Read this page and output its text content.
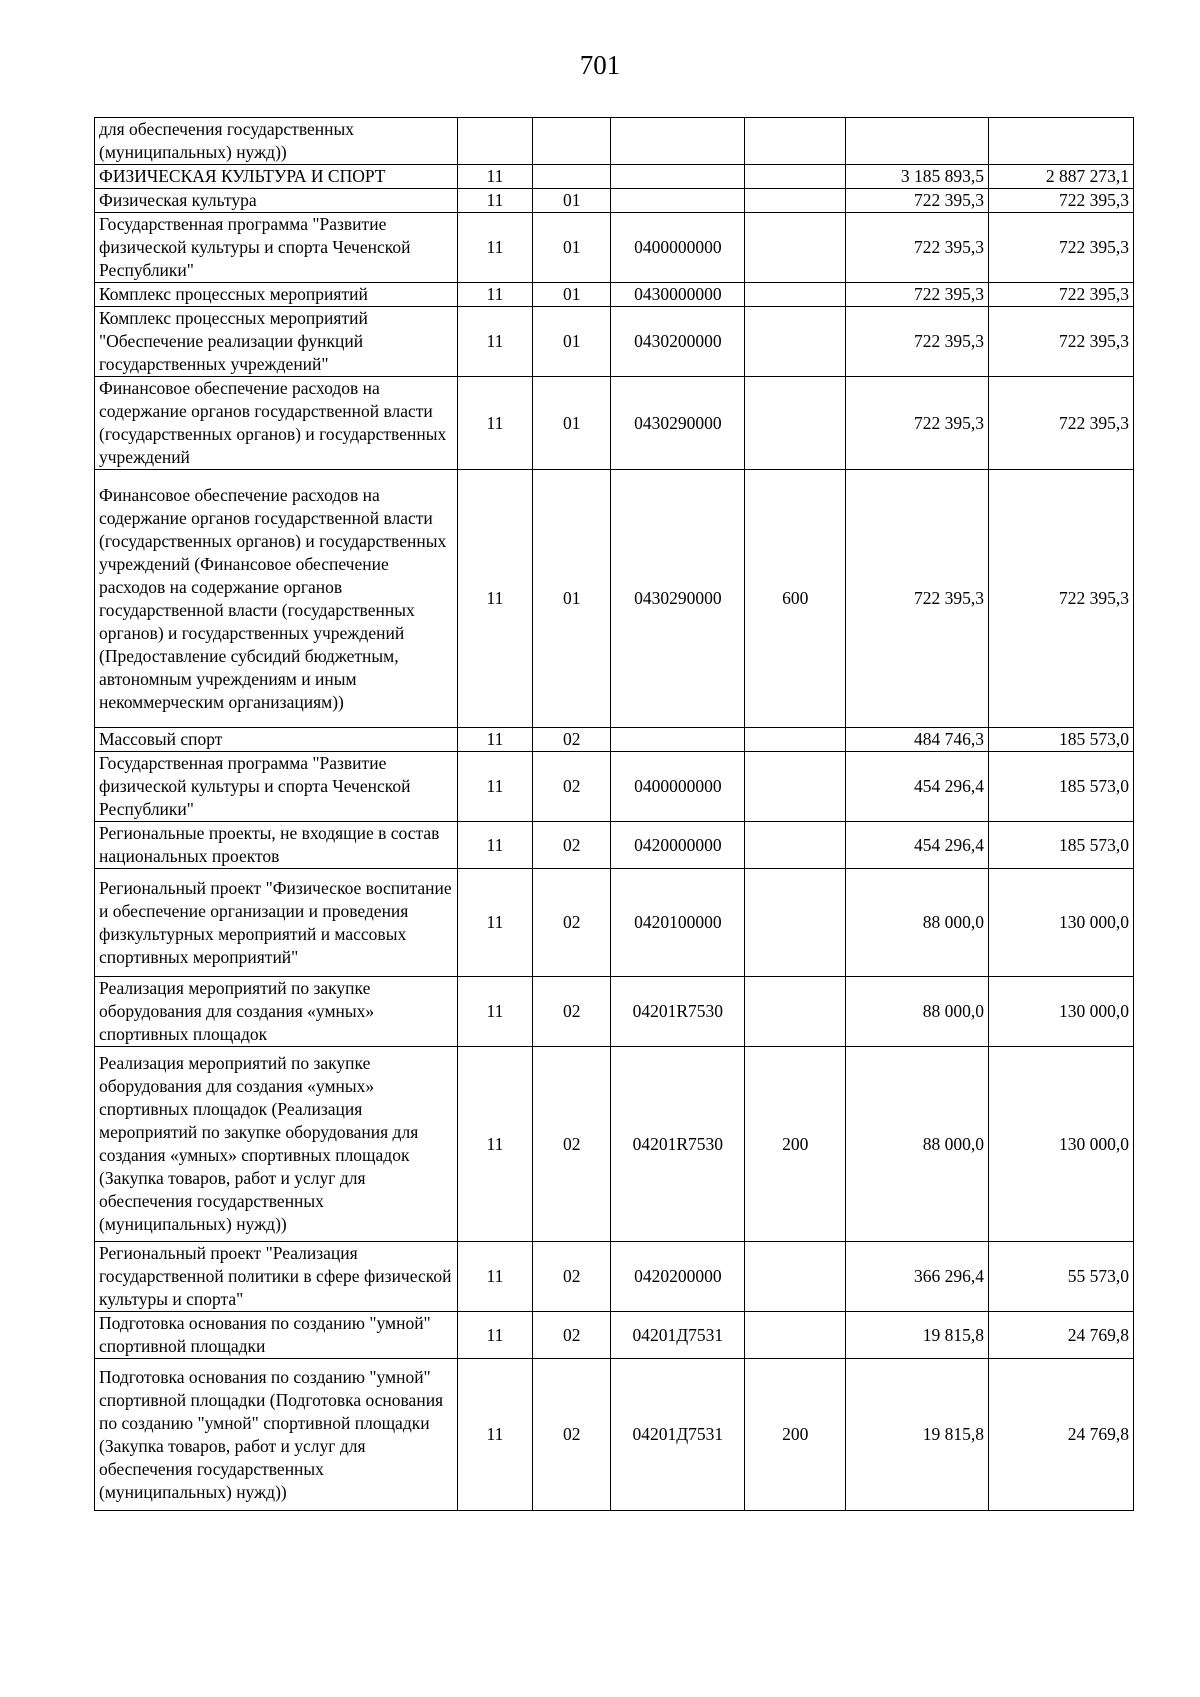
701
для обеспечения государственных (муниципальных) нужд))						
ФИЗИЧЕСКАЯ КУЛЬТУРА И СПОРТ	11				3 185 893,5	2 887 273,1
Физическая культура	11	01			722 395,3	722 395,3
Государственная программа "Развитие физической культуры и спорта Чеченской Республики"	11	01	0400000000		722 395,3	722 395,3
Комплекс процессных мероприятий	11	01	0430000000		722 395,3	722 395,3
Комплекс процессных мероприятий "Обеспечение реализации функций государственных учреждений"	11	01	0430200000		722 395,3	722 395,3
Финансовое обеспечение расходов на содержание органов государственной власти (государственных органов) и государственных учреждений	11	01	0430290000		722 395,3	722 395,3
Финансовое обеспечение расходов на содержание органов государственной власти (государственных органов) и государственных учреждений (Финансовое обеспечение расходов на содержание органов государственной власти (государственных органов) и государственных учреждений (Предоставление субсидий бюджетным, автономным учреждениям и иным некоммерческим организациям))	11	01	0430290000	600	722 395,3	722 395,3
Массовый спорт	11	02			484 746,3	185 573,0
Государственная программа "Развитие физической культуры и спорта Чеченской Республики"	11	02	0400000000		454 296,4	185 573,0
Региональные проекты, не входящие в состав национальных проектов	11	02	0420000000		454 296,4	185 573,0
Региональный проект "Физическое воспитание и обеспечение организации и проведения физкультурных мероприятий и массовых спортивных мероприятий"	11	02	0420100000		88 000,0	130 000,0
Реализация мероприятий по закупке оборудования для создания «умных» спортивных площадок	11	02	04201R7530		88 000,0	130 000,0
Реализация мероприятий по закупке оборудования для создания «умных» спортивных площадок (Реализация мероприятий по закупке оборудования для создания «умных» спортивных площадок (Закупка товаров, работ и услуг для обеспечения государственных (муниципальных) нужд))	11	02	04201R7530	200	88 000,0	130 000,0
Региональный проект "Реализация государственной политики в сфере физической культуры и спорта"	11	02	0420200000		366 296,4	55 573,0
Подготовка основания по созданию "умной" спортивной площадки	11	02	04201Д7531		19 815,8	24 769,8
Подготовка основания по созданию "умной" спортивной площадки (Подготовка основания по созданию "умной" спортивной площадки (Закупка товаров, работ и услуг для обеспечения государственных (муниципальных) нужд))	11	02	04201Д7531	200	19 815,8	24 769,8
